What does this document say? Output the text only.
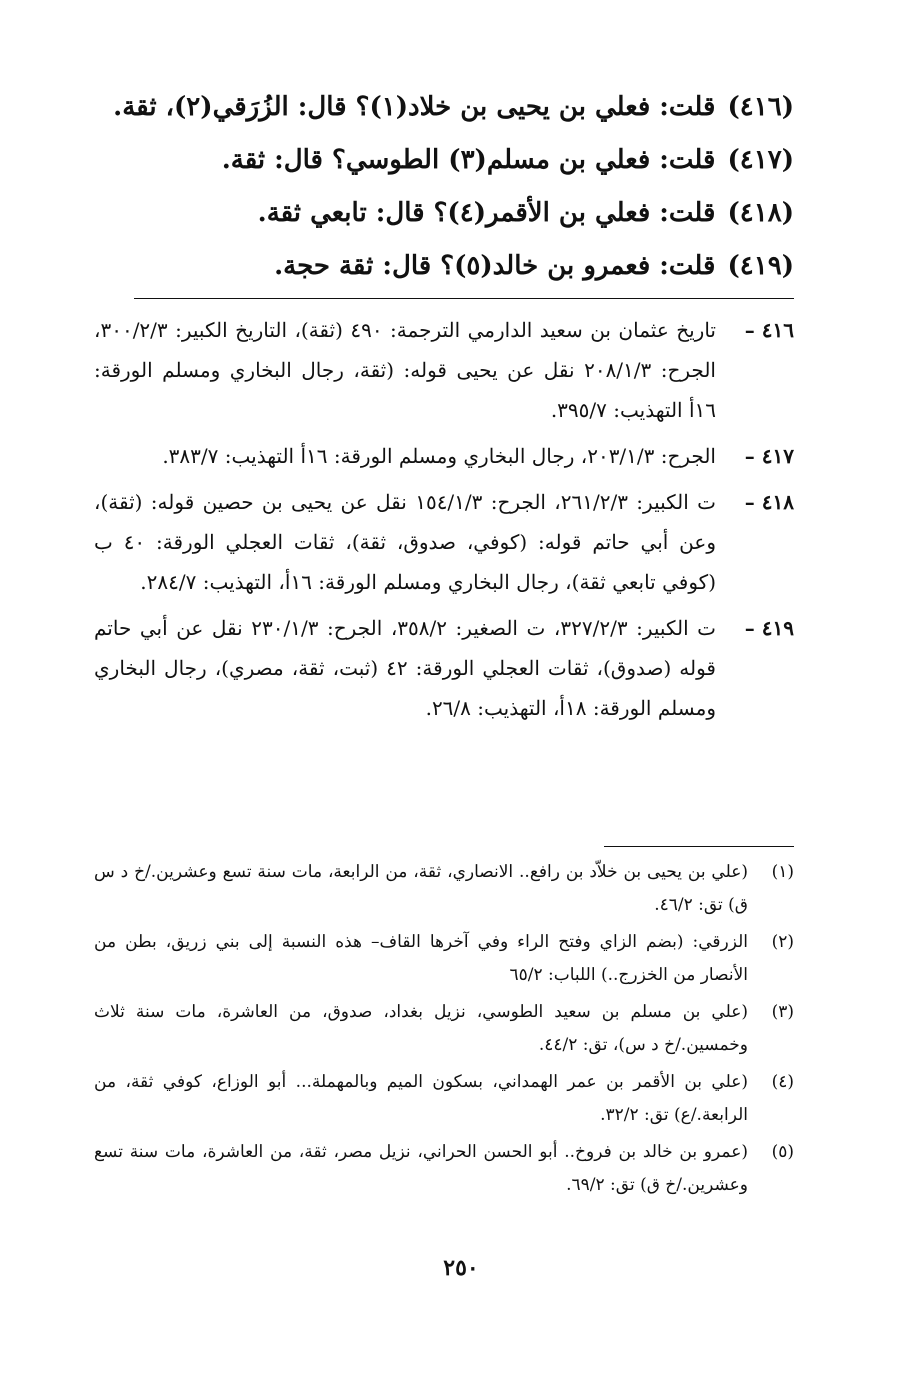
(٤١٦)
قلت: فعلي بن يحيى بن خلاد(١)؟ قال: الزُرَقي(٢)، ثقة.
(٤١٧)
قلت: فعلي بن مسلم(٣) الطوسي؟ قال: ثقة.
(٤١٨)
قلت: فعلي بن الأقمر(٤)؟ قال: تابعي ثقة.
(٤١٩)
قلت: فعمرو بن خالد(٥)؟ قال: ثقة حجة.
٤١٦ –
تاريخ عثمان بن سعيد الدارمي الترجمة: ٤٩٠ (ثقة)، التاريخ الكبير: ٣٠٠/٢/٣، الجرح: ٢٠٨/١/٣ نقل عن يحيى قوله: (ثقة، رجال البخاري ومسلم الورقة: ١٦أ التهذيب: ٣٩٥/٧.
٤١٧ –
الجرح: ٢٠٣/١/٣، رجال البخاري ومسلم الورقة: ١٦أ التهذيب: ٣٨٣/٧.
٤١٨ –
ت الكبير: ٢٦١/٢/٣، الجرح: ١٥٤/١/٣ نقل عن يحيى بن حصين قوله: (ثقة)، وعن أبي حاتم قوله: (كوفي، صدوق، ثقة)، ثقات العجلي الورقة: ٤٠ ب (كوفي تابعي ثقة)، رجال البخاري ومسلم الورقة: ١٦أ، التهذيب: ٢٨٤/٧.
٤١٩ –
ت الكبير: ٣٢٧/٢/٣، ت الصغير: ٣٥٨/٢، الجرح: ٢٣٠/١/٣ نقل عن أبي حاتم قوله (صدوق)، ثقات العجلي الورقة: ٤٢ (ثبت، ثقة، مصري)، رجال البخاري ومسلم الورقة: ١٨أ، التهذيب: ٢٦/٨.
(١)
(علي بن يحيى بن خلاّد بن رافع.. الانصاري، ثقة، من الرابعة، مات سنة تسع وعشرين./خ د س ق) تق: ٤٦/٢.
(٢)
الزرقي: (بضم الزاي وفتح الراء وفي آخرها القاف– هذه النسبة إلى بني زريق، بطن من الأنصار من الخزرج..) اللباب: ٦٥/٢
(٣)
(علي بن مسلم بن سعيد الطوسي، نزيل بغداد، صدوق، من العاشرة، مات سنة ثلاث وخمسين./خ د س)، تق: ٤٤/٢.
(٤)
(علي بن الأقمر بن عمر الهمداني، بسكون الميم وبالمهملة... أبو الوزاع، كوفي ثقة، من الرابعة./ع) تق: ٣٢/٢.
(٥)
(عمرو بن خالد بن فروخ.. أبو الحسن الحراني، نزيل مصر، ثقة، من العاشرة، مات سنة تسع وعشرين./خ ق) تق: ٦٩/٢.
٢٥٠
